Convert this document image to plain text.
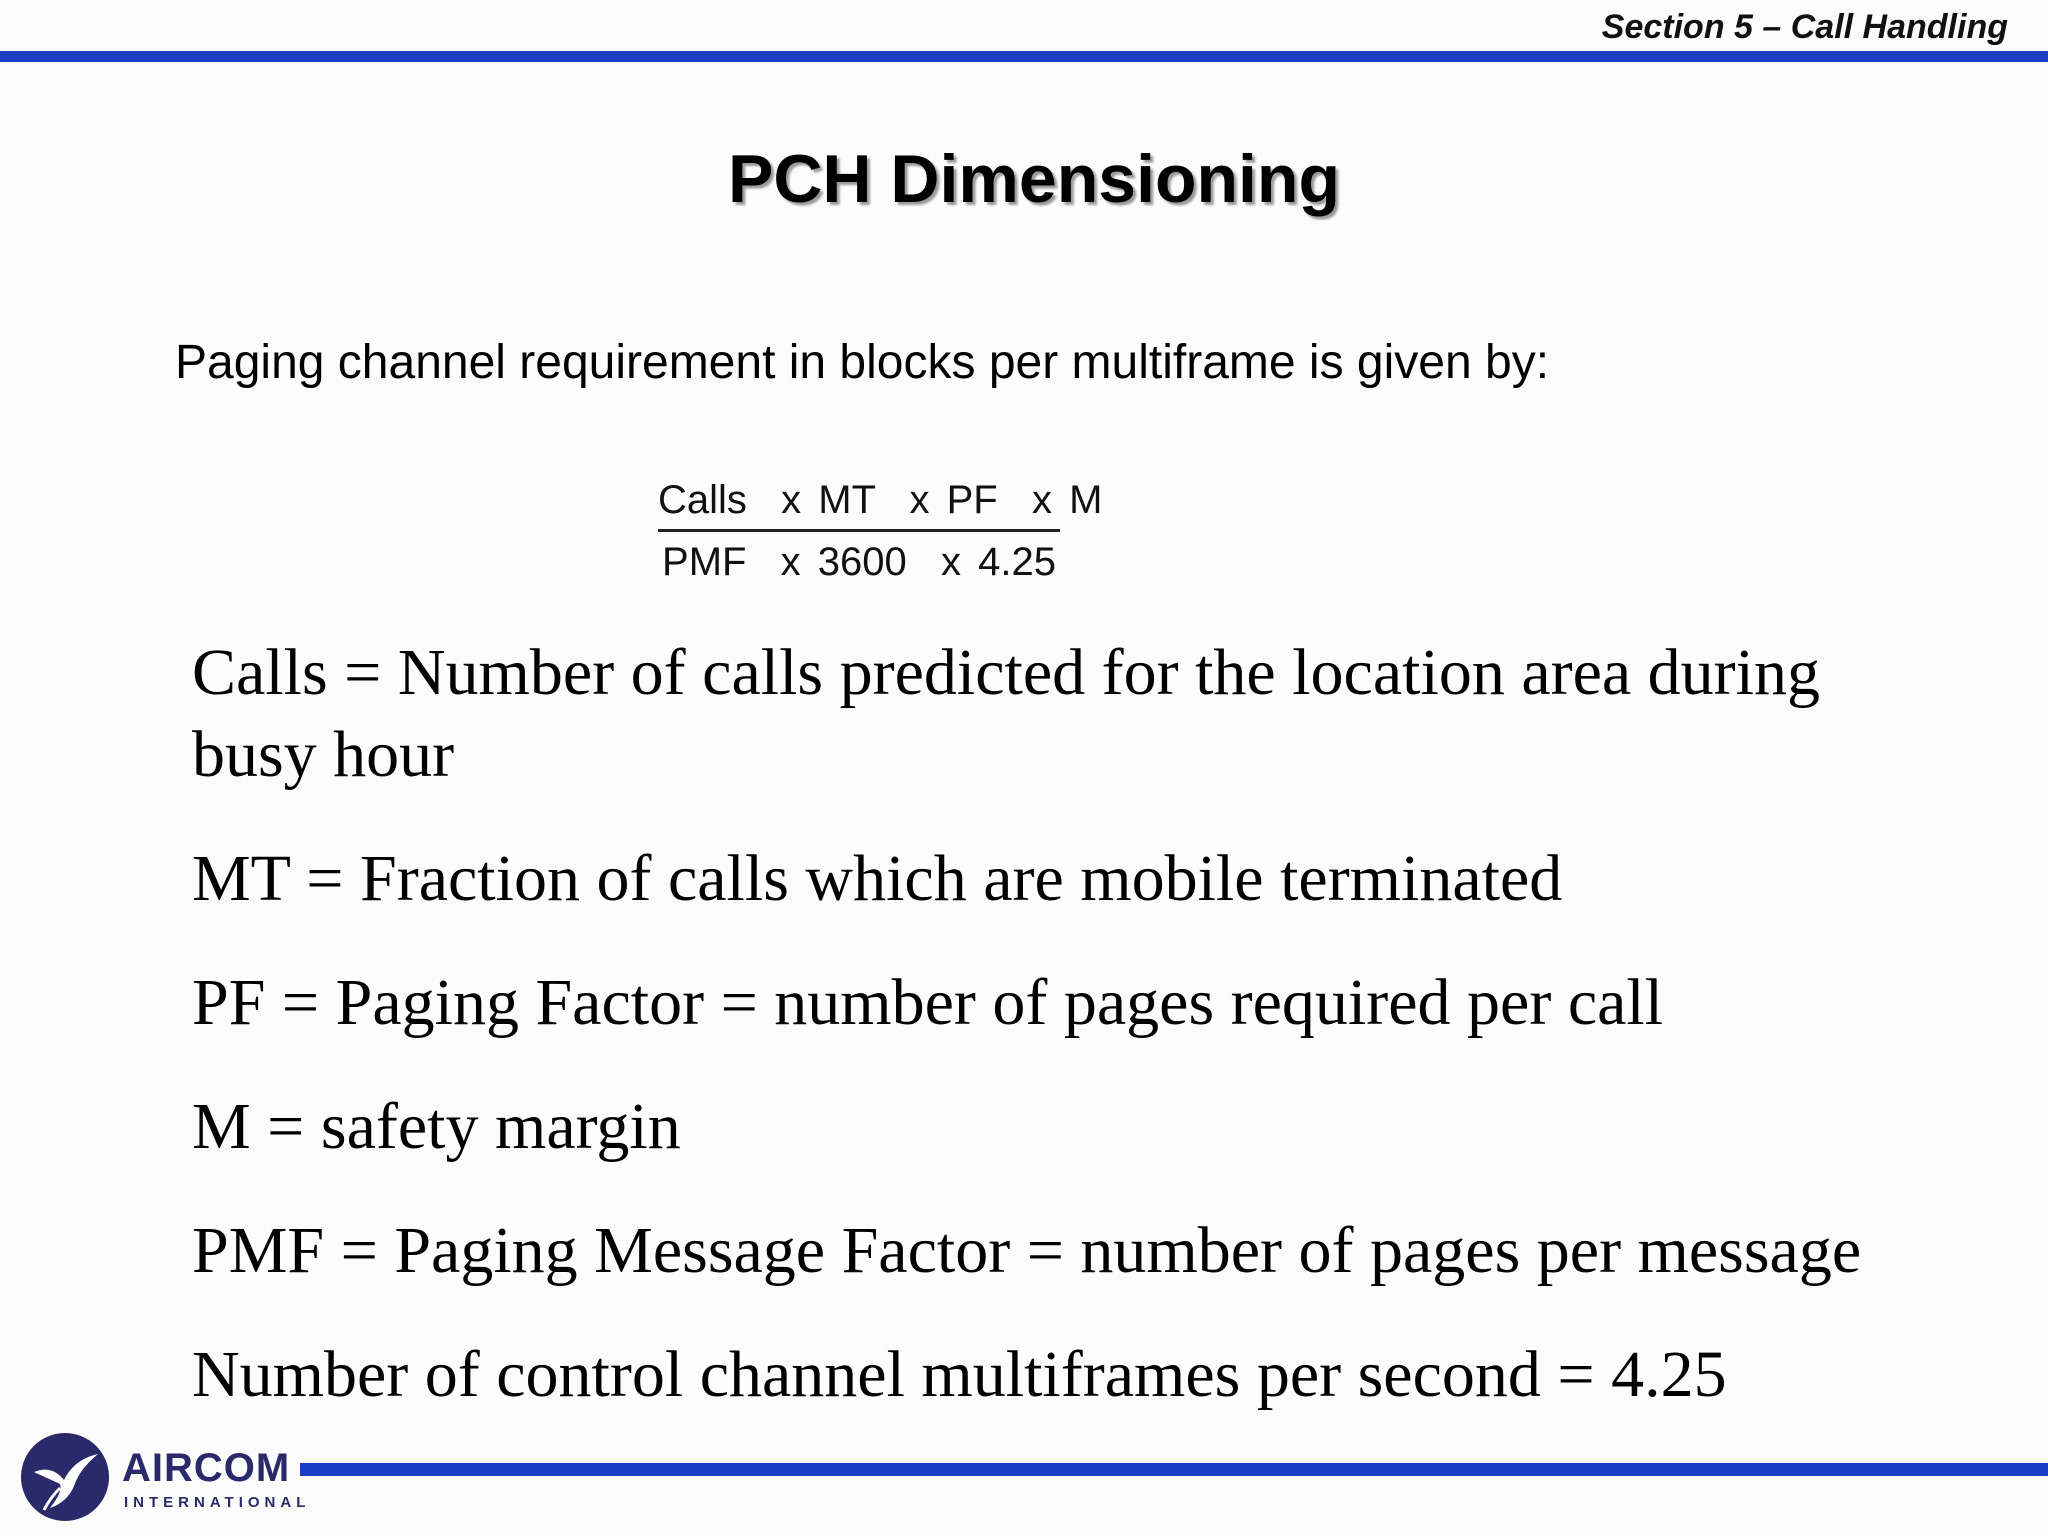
Section 5 – Call Handling
PCH Dimensioning
Paging channel requirement in blocks per multiframe is given by:
Calls  x MT  x PF  x M
PMF  x 3600  x 4.25

Calls = Number of calls predicted for the location area during busy hour

MT = Fraction of calls which are mobile terminated

PF = Paging Factor = number of pages required per call

M = safety margin

PMF = Paging Message Factor = number of pages per message

Number of control channel multiframes per second = 4.25

AIRCOM
INTERNATIONAL
